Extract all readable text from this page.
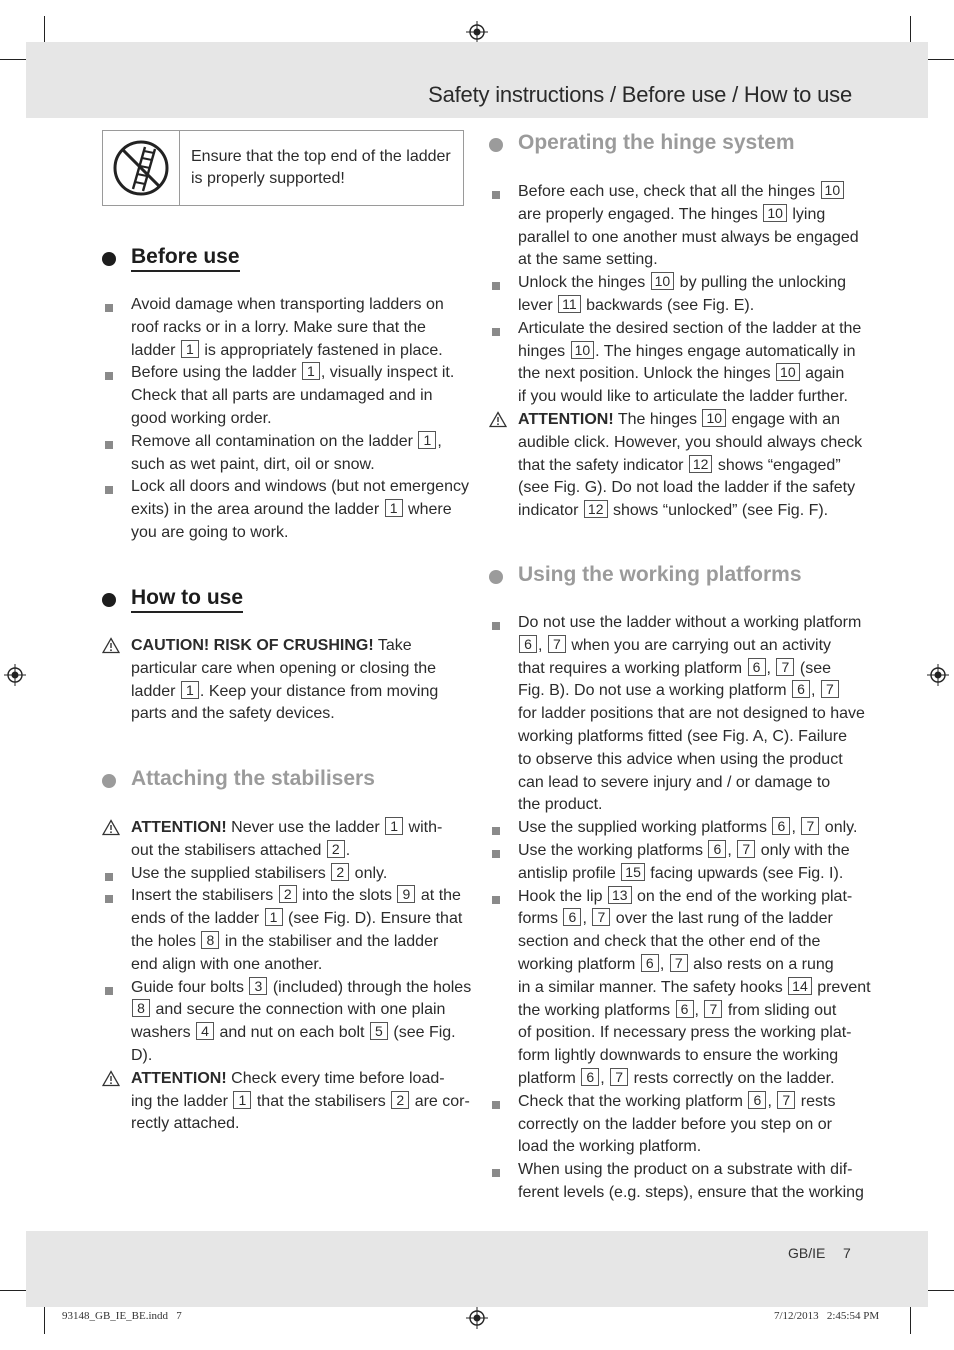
Safety instructions / Before use / How to use
Ensure that the top end of the ladder
is properly supported!
Before use
How to use
Attaching the stabilisers
Avoid damage when transporting ladders on
roof racks or in a lorry. Make sure that the
ladder 1 is appropriately fastened in place.
Before using the ladder 1 , visually inspect it.
Check that all parts are undamaged and in
good working order.
Remove all contamination on the ladder 1 ,
such as wet paint, dirt, oil or snow.
Lock all doors and windows (but not emergency
exits) in the area around the ladder 1 where
you are going to work.
CAUTION! RISK OF CRUSHING! Take
particular care when opening or closing the
ladder 1 . Keep your distance from moving
parts and the safety devices.
ATTENTION! Never use the ladder 1 with-
out the stabilisers attached 2 .
Use the supplied stabilisers 2 only.
Insert the stabilisers 2 into the slots 9 at the
ends of the ladder 1 (see Fig. D). Ensure that
the holes 8 in the stabiliser and the ladder
end align with one another.
Guide four bolts 3 (included) through the holes
8 and secure the connection with one plain
washers 4 and nut on each bolt 5 (see Fig.
D).
ATTENTION! Check every time before load-
ing the ladder 1 that the stabilisers 2 are cor-
rectly attached.
Operating the hinge system
Using the working platforms
Before each use, check that all the hinges 10
are properly engaged. The hinges 10 lying
parallel to one another must always be engaged
at the same setting.
Unlock the hinges 10 by pulling the unlocking
lever 11 backwards (see Fig. E).
Articulate the desired section of the ladder at the
hinges 10 . The hinges engage automatically in
the next position. Unlock the hinges 10 again
if you would like to articulate the ladder further.
ATTENTION! The hinges 10 engage with an
audible click. However, you should always check
that the safety indicator 12 shows “engaged”
(see Fig. G). Do not load the ladder if the safety
indicator 12 shows “unlocked” (see Fig. F).
Do not use the ladder without a working platform
6 , 7 when you are carrying out an activity
that requires a working platform 6 , 7 (see
Fig. B). Do not use a working platform 6 , 7
for ladder positions that are not designed to have
working platforms fitted (see Fig. A, C). Failure
to observe this advice when using the product
can lead to severe injury and / or damage to
the product.
Use the supplied working platforms 6 , 7 only.
Use the working platforms 6 , 7 only with the
antislip profile 15 facing upwards (see Fig. I).
Hook the lip 13 on the end of the working plat-
forms 6 , 7 over the last rung of the ladder
section and check that the other end of the
working platform 6 , 7 also rests on a rung
in a similar manner. The safety hooks 14 prevent
the working platforms 6 , 7 from sliding out
of position. If necessary press the working plat-
form lightly downwards to ensure the working
platform 6 , 7 rests correctly on the ladder.
Check that the working platform 6 , 7 rests
correctly on the ladder before you step on or
load the working platform.
When using the product on a substrate with dif-
ferent levels (e.g. steps), ensure that the working
GB/IE 7
93148_GB_IE_BE.indd   7	7/12/2013   2:45:54 PM
